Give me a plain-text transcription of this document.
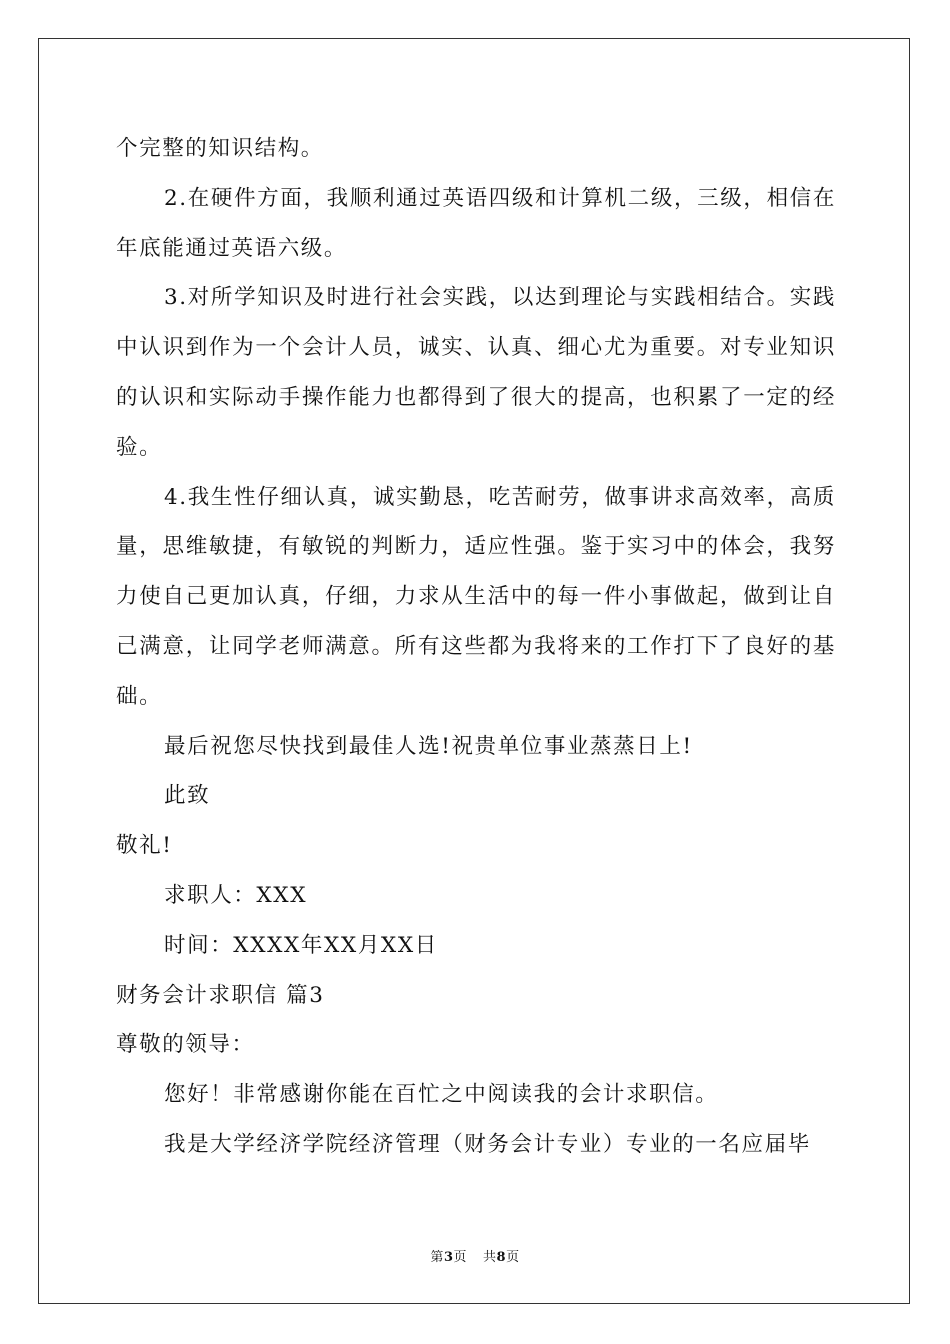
个完整的知识结构。

2.在硬件方面，我顺利通过英语四级和计算机二级，三级，相信在年底能通过英语六级。

3.对所学知识及时进行社会实践，以达到理论与实践相结合。实践中认识到作为一个会计人员，诚实、认真、细心尤为重要。对专业知识的认识和实际动手操作能力也都得到了很大的提高，也积累了一定的经验。

4.我生性仔细认真，诚实勤恳，吃苦耐劳，做事讲求高效率，高质量，思维敏捷，有敏锐的判断力，适应性强。鉴于实习中的体会，我努力使自己更加认真，仔细，力求从生活中的每一件小事做起，做到让自己满意，让同学老师满意。所有这些都为我将来的工作打下了良好的基础。

最后祝您尽快找到最佳人选!祝贵单位事业蒸蒸日上!

此致

敬礼!

求职人：XXX

时间：XXXX年XX月XX日

财务会计求职信 篇3

尊敬的领导：

您好！非常感谢你能在百忙之中阅读我的会计求职信。

我是大学经济学院经济管理（财务会计专业）专业的一名应届毕

第3页 共8页
